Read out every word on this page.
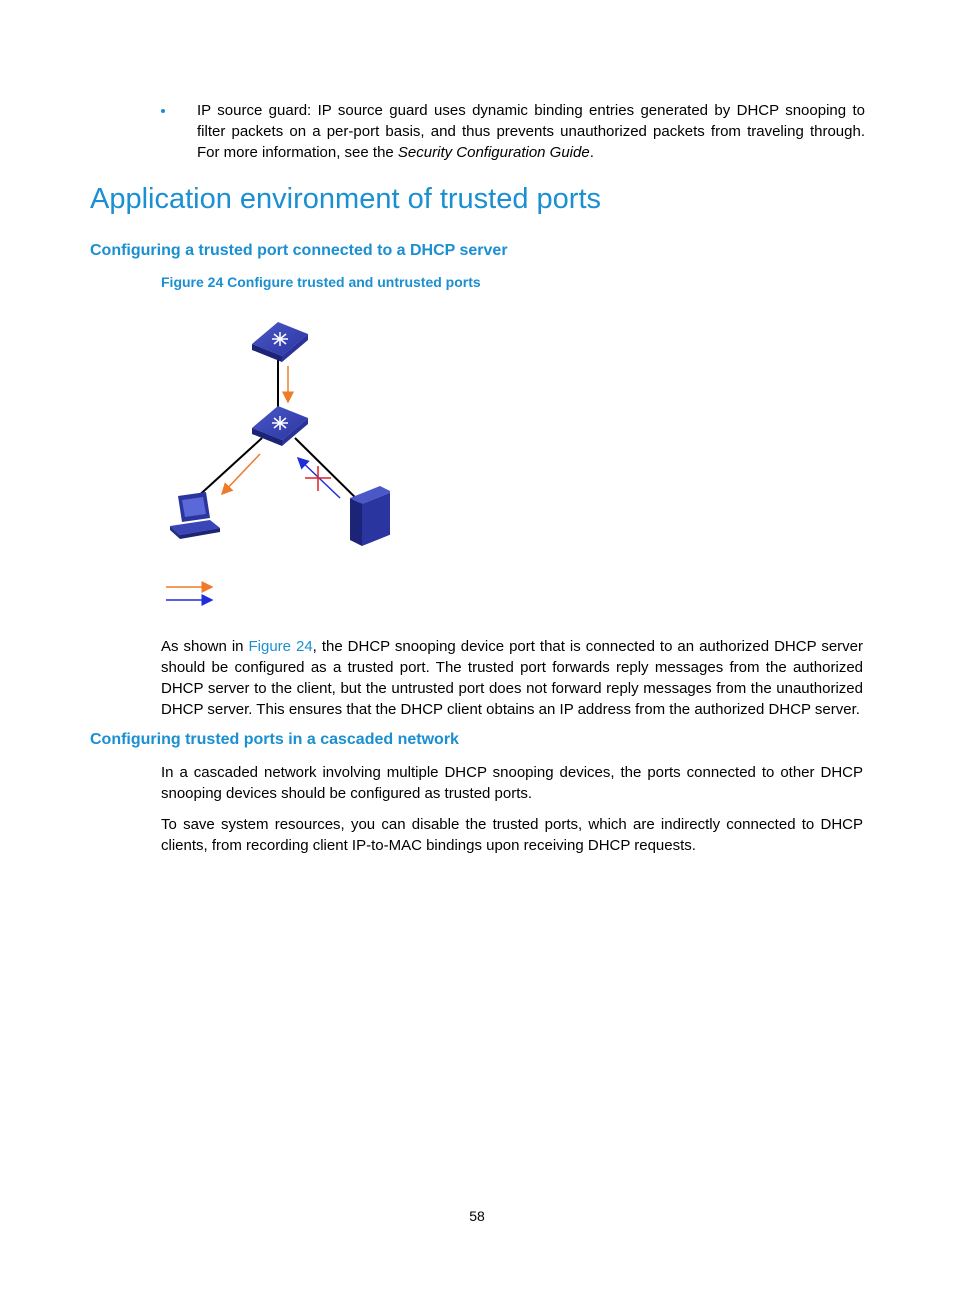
IP source guard: IP source guard uses dynamic binding entries generated by DHCP snooping to filter packets on a per-port basis, and thus prevents unauthorized packets from traveling through. For more information, see the Security Configuration Guide.
Application environment of trusted ports
Configuring a trusted port connected to a DHCP server
Figure 24 Configure trusted and untrusted ports
As shown in Figure 24, the DHCP snooping device port that is connected to an authorized DHCP server should be configured as a trusted port. The trusted port forwards reply messages from the authorized DHCP server to the client, but the untrusted port does not forward reply messages from the unauthorized DHCP server. This ensures that the DHCP client obtains an IP address from the authorized DHCP server.
Configuring trusted ports in a cascaded network
In a cascaded network involving multiple DHCP snooping devices, the ports connected to other DHCP snooping devices should be configured as trusted ports.
To save system resources, you can disable the trusted ports, which are indirectly connected to DHCP clients, from recording client IP-to-MAC bindings upon receiving DHCP requests.
58
